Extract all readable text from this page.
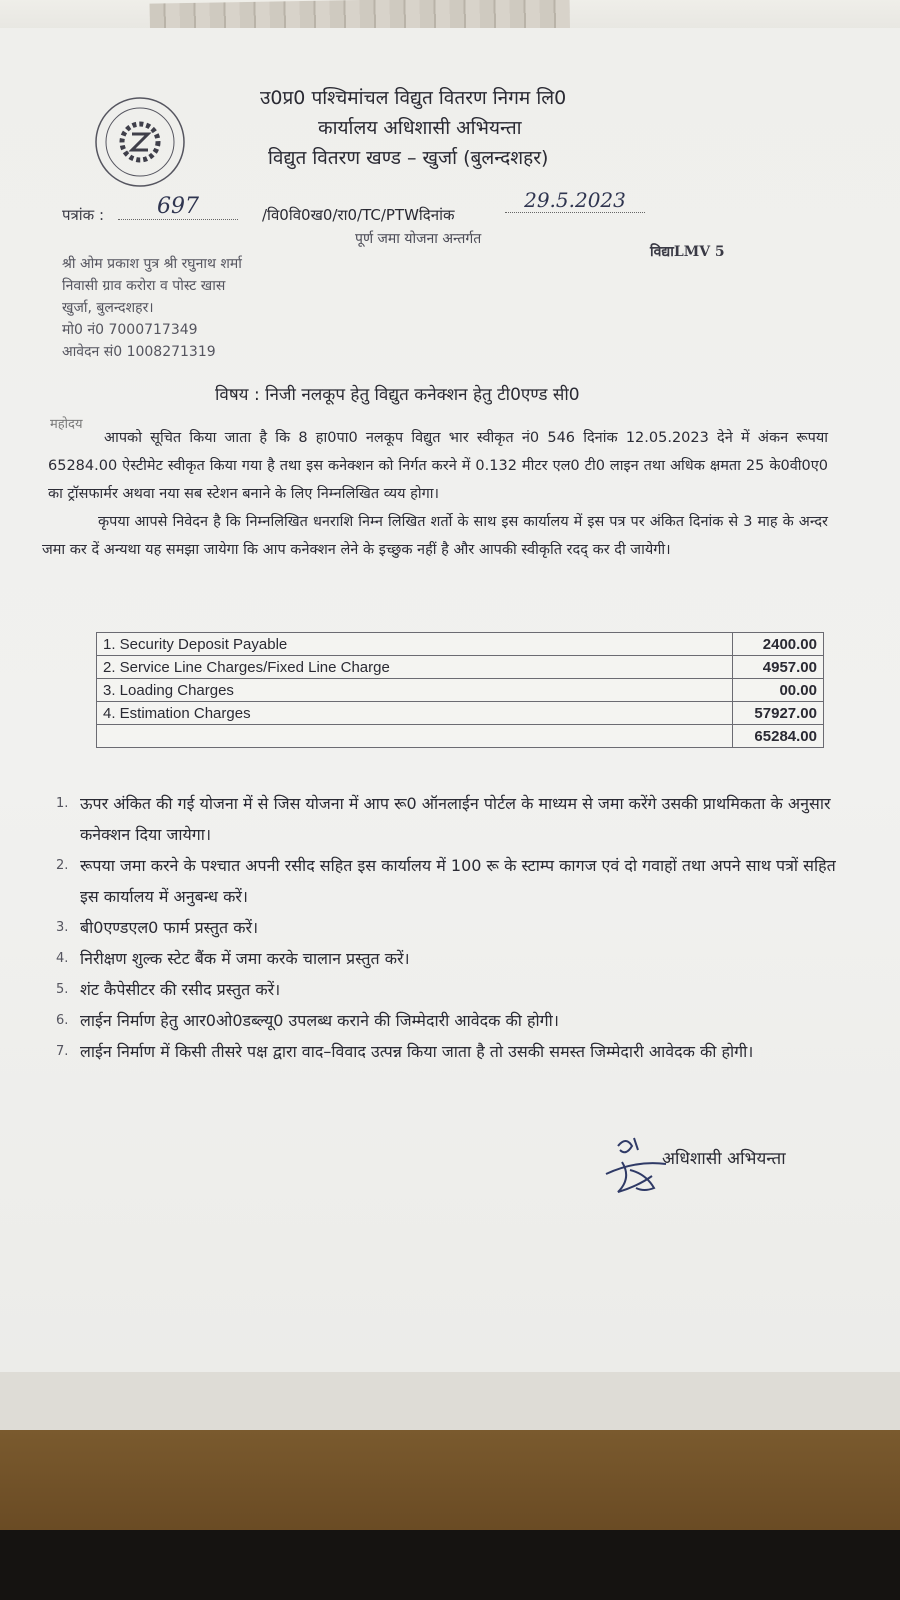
उ0प्र0 पश्चिमांचल विद्युत वितरण निगम लि0
कार्यालय अधिशासी अभियन्ता
विद्युत वितरण खण्ड – खुर्जा (बुलन्दशहर)
पत्रांक :	697	/वि0वि0ख0/रा0/TC/PTWदिनांक
29.5.2023
पूर्ण जमा योजना अन्तर्गत
विद्याLMV 5
श्री ओम प्रकाश पुत्र श्री रघुनाथ शर्मा
निवासी ग्राव करोरा व पोस्ट खास
खुर्जा, बुलन्दशहर।
मो0 नं0 7000717349
आवेदन सं0 1008271319
विषय : निजी नलकूप हेतु विद्युत कनेक्शन हेतु टी0एण्ड सी0
महोदय
आपको सूचित किया जाता है कि 8 हा0पा0 नलकूप विद्युत भार स्वीकृत नं0 546 दिनांक 12.05.2023 देने में अंकन रूपया 65284.00 ऐस्टीमेट स्वीकृत किया गया है तथा इस कनेक्शन को निर्गत करने में 0.132 मीटर एल0 टी0 लाइन तथा अधिक क्षमता 25 के0वी0ए0 का ट्रॉसफार्मर अथवा नया सब स्टेशन बनाने के लिए निम्नलिखित व्यय होगा।
कृपया आपसे निवेदन है कि निम्नलिखित धनराशि निम्न लिखित शर्तो के साथ इस कार्यालय में इस पत्र पर अंकित दिनांक से 3 माह के अन्दर जमा कर दें अन्यथा यह समझा जायेगा कि आप कनेक्शन लेने के इच्छुक नहीं है और आपकी स्वीकृति रदद् कर दी जायेगी।
1. Security Deposit Payable	2400.00
2. Service Line Charges/Fixed Line Charge	4957.00
3. Loading Charges	00.00
4. Estimation Charges	57927.00
	65284.00
1. ऊपर अंकित की गई योजना में से जिस योजना में आप रू0 ऑनलाईन पोर्टल के माध्यम से जमा करेंगे उसकी प्राथमिकता के अनुसार कनेक्शन दिया जायेगा।
2. रूपया जमा करने के पश्चात अपनी रसीद सहित इस कार्यालय में 100 रू के स्टाम्प कागज एवं दो गवाहों तथा अपने साथ पत्रों सहित इस कार्यालय में अनुबन्ध करें।
3. बी0एण्डएल0 फार्म प्रस्तुत करें।
4. निरीक्षण शुल्क स्टेट बैंक में जमा करके चालान प्रस्तुत करें।
5. शंट कैपेसीटर की रसीद प्रस्तुत करें।
6. लाईन निर्माण हेतु आर0ओ0डब्ल्यू0 उपलब्ध कराने की जिम्मेदारी आवेदक की होगी।
7. लाईन निर्माण में किसी तीसरे पक्ष द्वारा वाद–विवाद उत्पन्न किया जाता है तो उसकी समस्त जिम्मेदारी आवेदक की होगी।
अधिशासी अभियन्ता
